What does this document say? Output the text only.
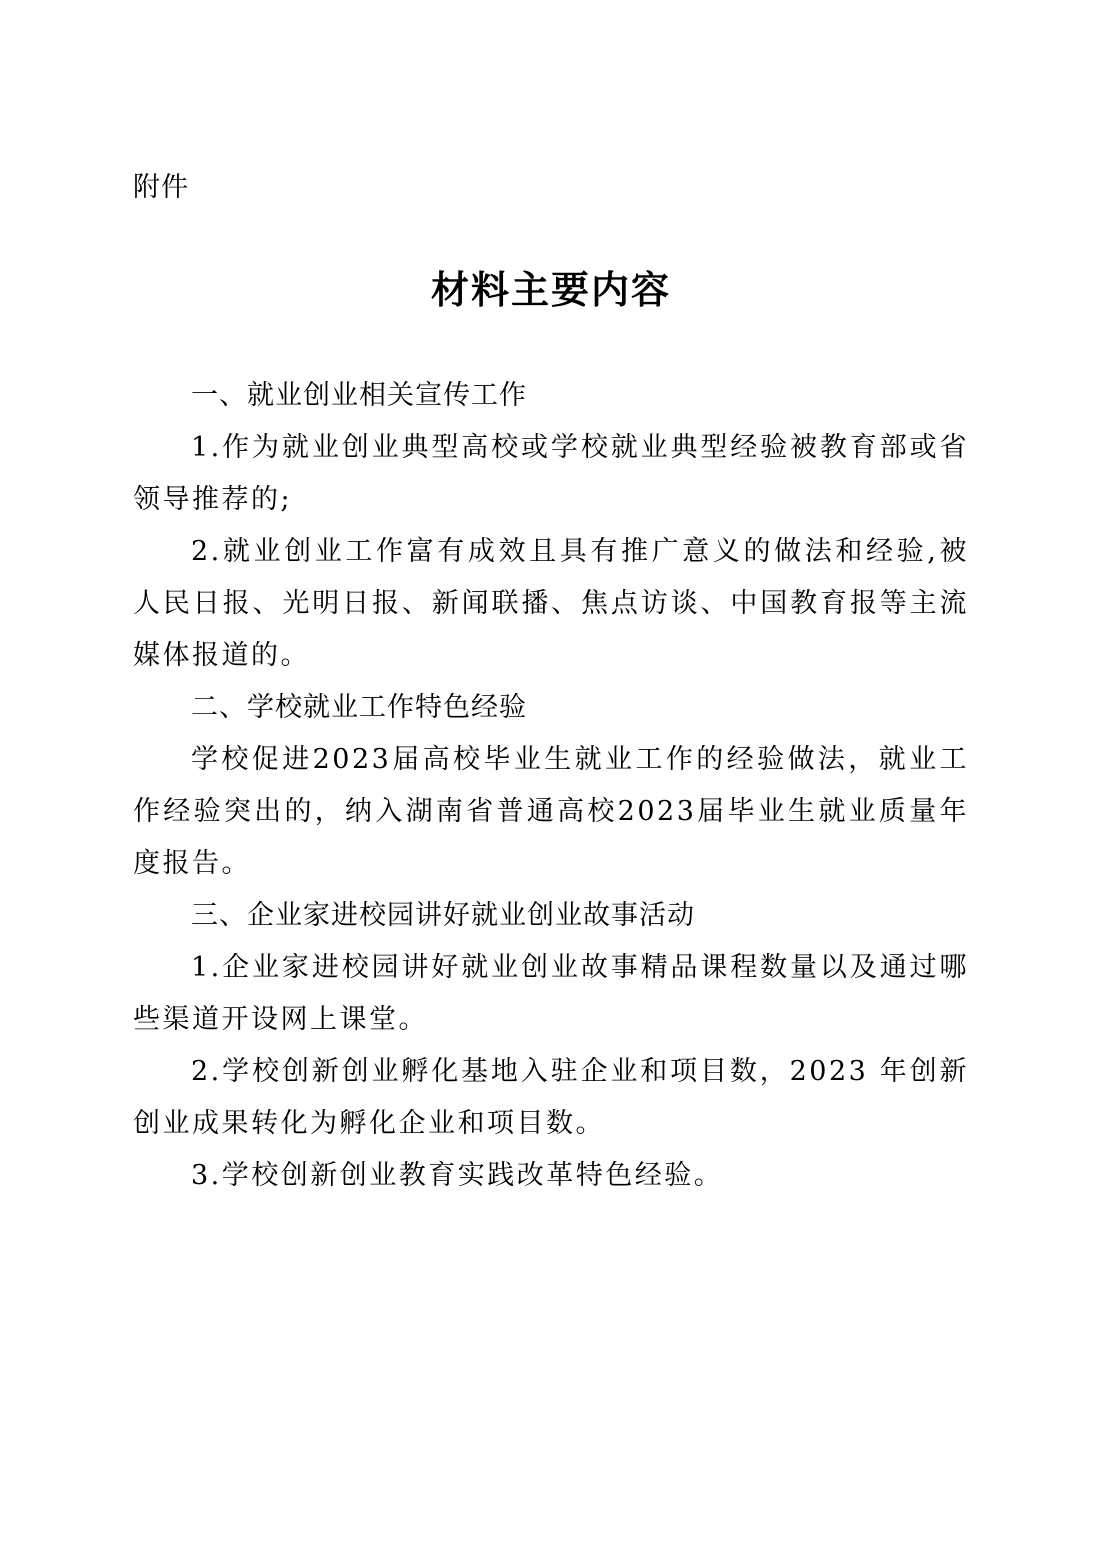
附件
材料主要内容

一、就业创业相关宣传工作

1.作为就业创业典型高校或学校就业典型经验被教育部或省领导推荐的;

2.就业创业工作富有成效且具有推广意义的做法和经验,被人民日报、光明日报、新闻联播、焦点访谈、中国教育报等主流媒体报道的。

二、学校就业工作特色经验

学校促进2023届高校毕业生就业工作的经验做法，就业工作经验突出的，纳入湖南省普通高校2023届毕业生就业质量年度报告。

三、企业家进校园讲好就业创业故事活动

1.企业家进校园讲好就业创业故事精品课程数量以及通过哪些渠道开设网上课堂。

2.学校创新创业孵化基地入驻企业和项目数，2023 年创新创业成果转化为孵化企业和项目数。

3.学校创新创业教育实践改革特色经验。
